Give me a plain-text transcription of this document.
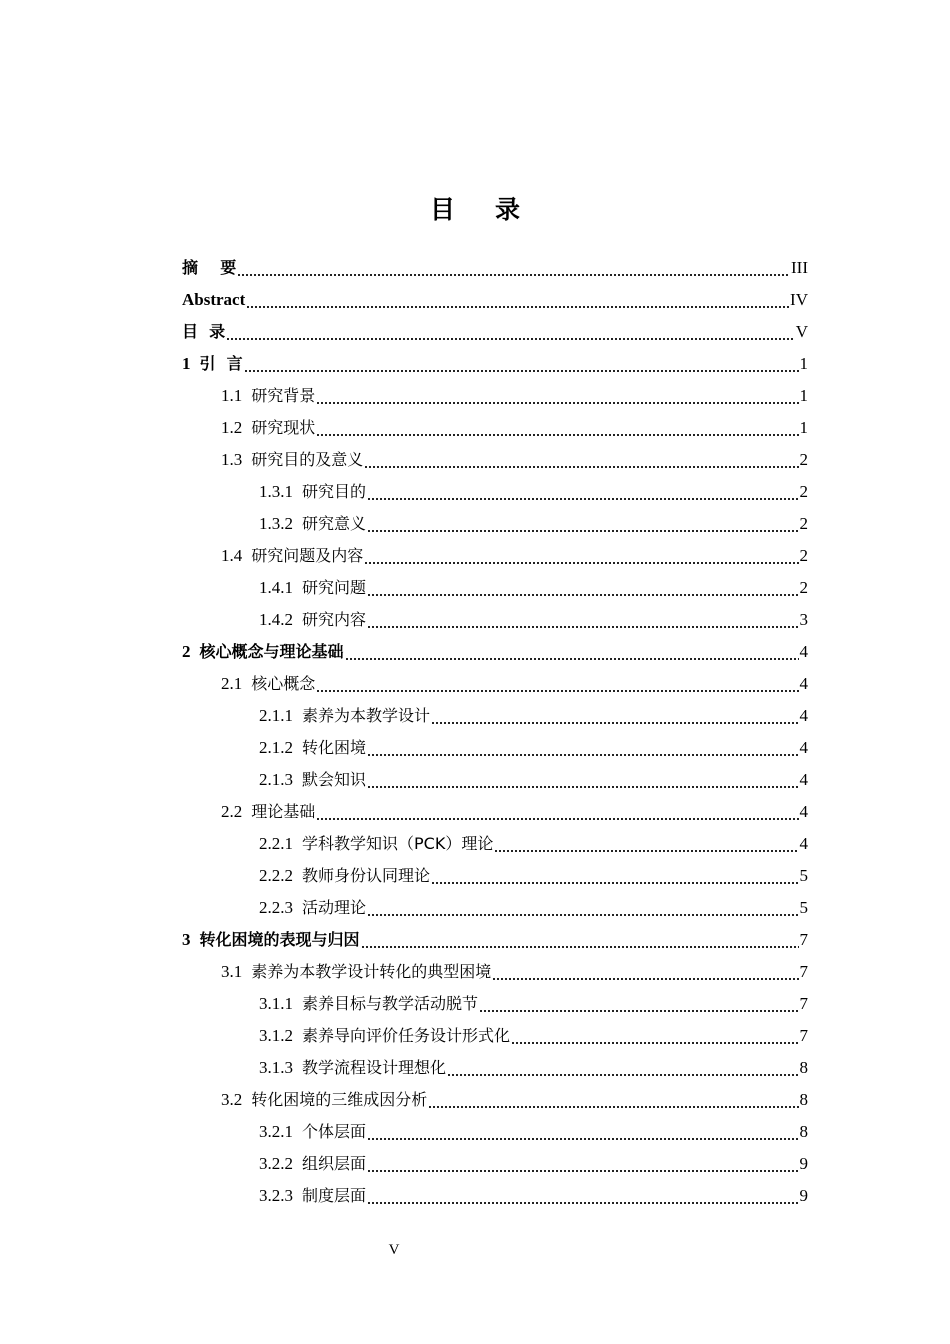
目录
摘    要	III
Abstract	IV
目  录	V
1 引  言	1
1.1 研究背景	1
1.2 研究现状	1
1.3 研究目的及意义	2
1.3.1 研究目的	2
1.3.2 研究意义	2
1.4 研究问题及内容	2
1.4.1 研究问题	2
1.4.2 研究内容	3
2 核心概念与理论基础	4
2.1 核心概念	4
2.1.1 素养为本教学设计	4
2.1.2 转化困境	4
2.1.3 默会知识	4
2.2 理论基础	4
2.2.1 学科教学知识（PCK）理论	4
2.2.2 教师身份认同理论	5
2.2.3 活动理论	5
3 转化困境的表现与归因	7
3.1 素养为本教学设计转化的典型困境	7
3.1.1 素养目标与教学活动脱节	7
3.1.2 素养导向评价任务设计形式化	7
3.1.3 教学流程设计理想化	8
3.2 转化困境的三维成因分析	8
3.2.1 个体层面	8
3.2.2 组织层面	9
3.2.3 制度层面	9
V
